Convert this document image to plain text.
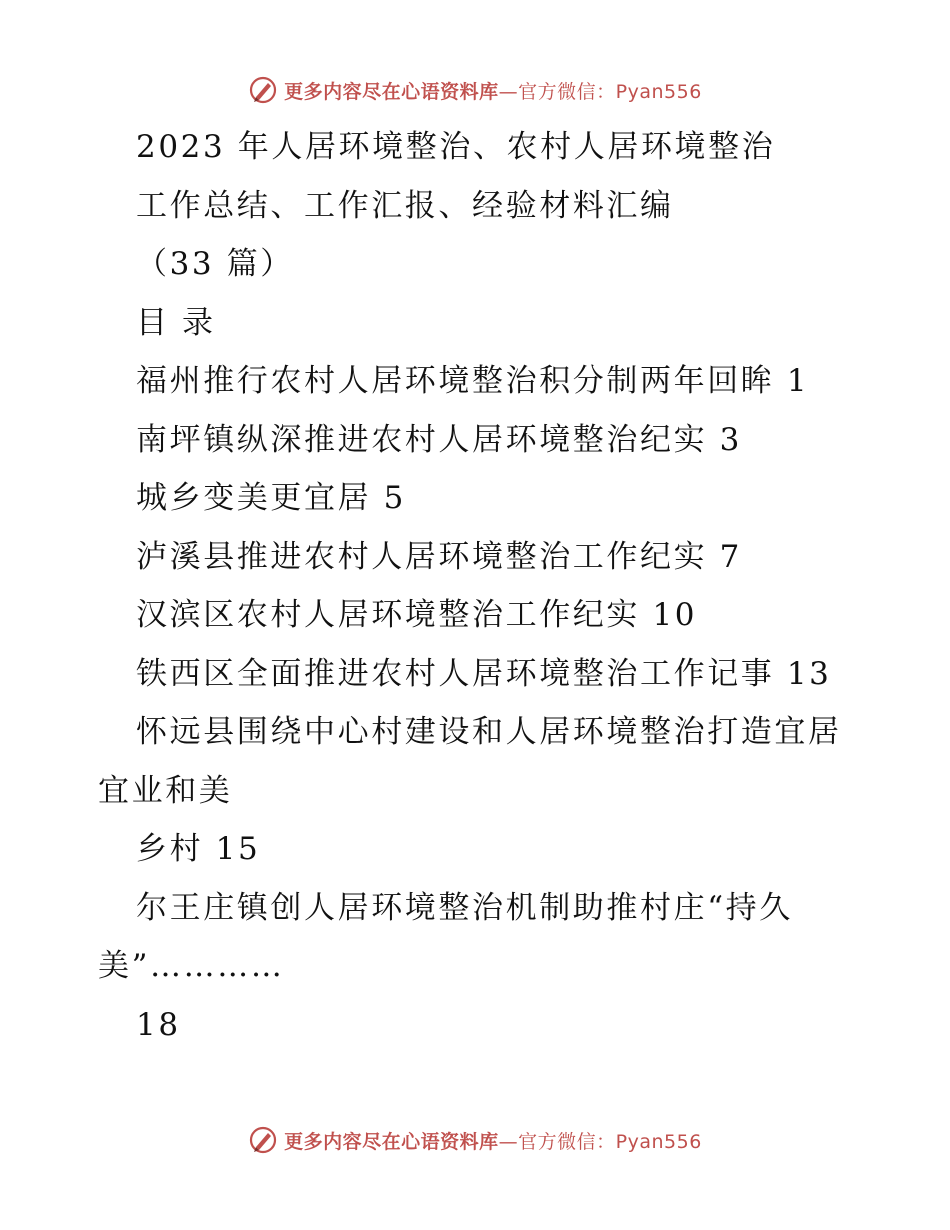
更多内容尽在心语资料库 —官方微信：Pyan556
2023 年人居环境整治、农村人居环境整治
工作总结、工作汇报、经验材料汇编
（33 篇）
目 录
福州推行农村人居环境整治积分制两年回眸 1
南坪镇纵深推进农村人居环境整治纪实 3
城乡变美更宜居 5
泸溪县推进农村人居环境整治工作纪实 7
汉滨区农村人居环境整治工作纪实 10
铁西区全面推进农村人居环境整治工作记事 13
怀远县围绕中心村建设和人居环境整治打造宜居
宜业和美
乡村 15
尔王庄镇创人居环境整治机制助推村庄“持久
美”…………
18
更多内容尽在心语资料库 —官方微信：Pyan556
